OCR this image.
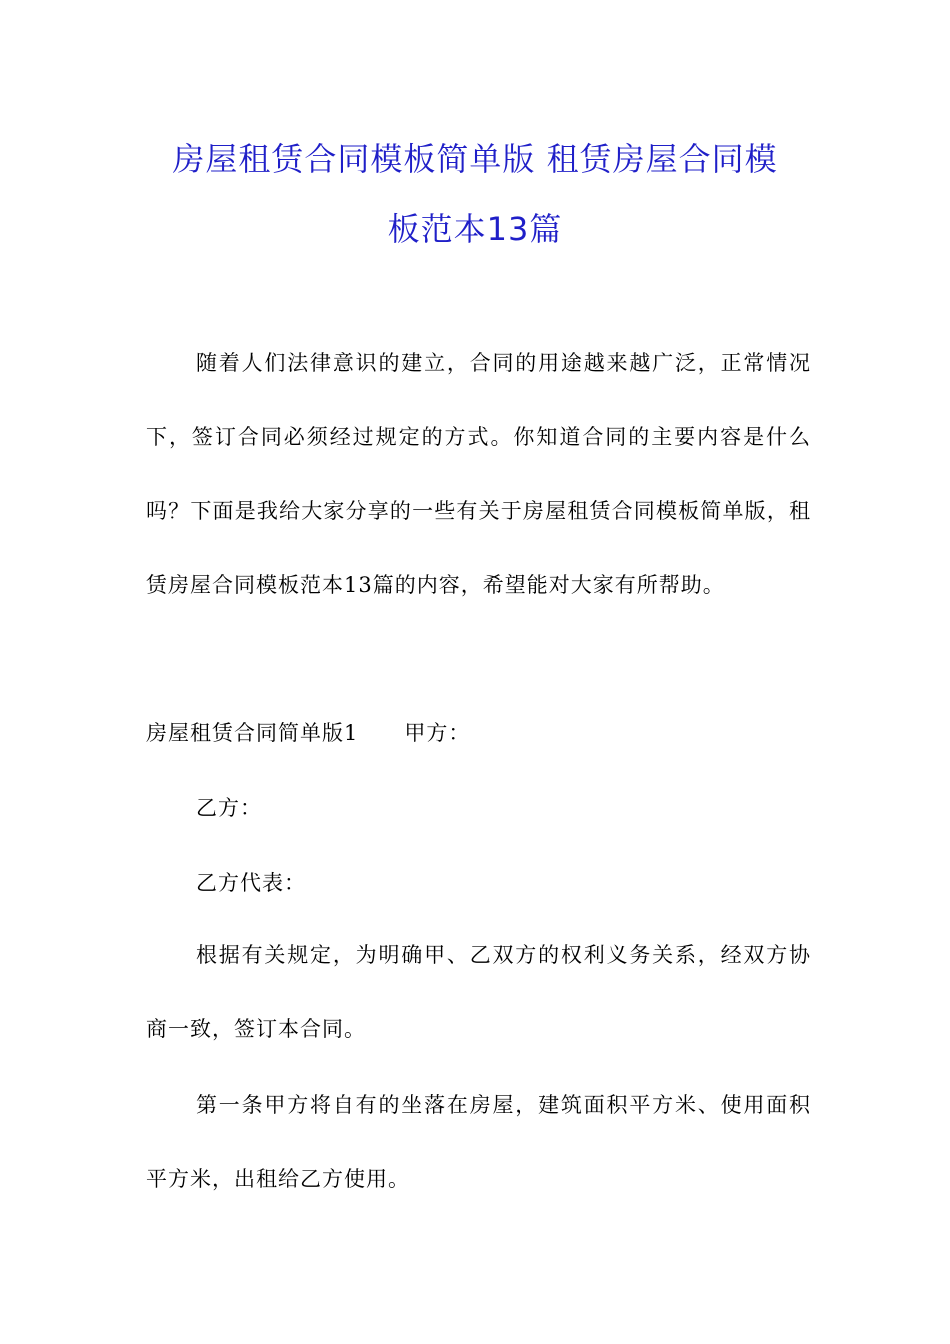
房屋租赁合同模板简单版 租赁房屋合同模
板范本13篇

随着人们法律意识的建立，合同的用途越来越广泛，正常情况下，签订合同必须经过规定的方式。你知道合同的主要内容是什么吗？下面是我给大家分享的一些有关于房屋租赁合同模板简单版，租赁房屋合同模板范本13篇的内容，希望能对大家有所帮助。

房屋租赁合同简单版1 甲方：
乙方：
乙方代表：

根据有关规定，为明确甲、乙双方的权利义务关系，经双方协商一致，签订本合同。

第一条甲方将自有的坐落在房屋，建筑面积平方米、使用面积平方米，出租给乙方使用。
